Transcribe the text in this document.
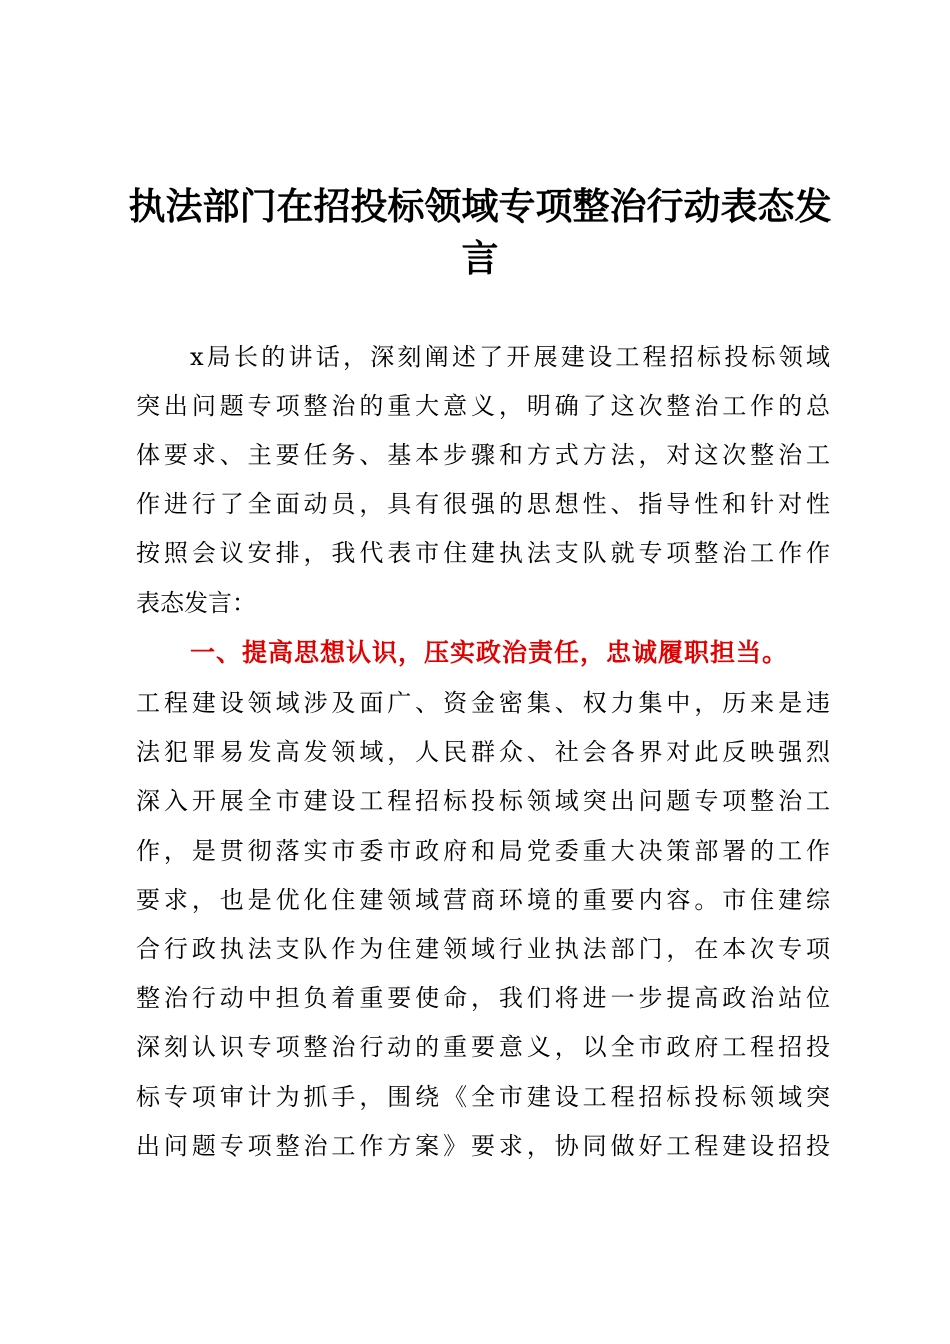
执法部门在招投标领域专项整治行动表态发
言
x局长的讲话，深刻阐述了开展建设工程招标投标领域
突出问题专项整治的重大意义，明确了这次整治工作的总
体要求、主要任务、基本步骤和方式方法，对这次整治工
作进行了全面动员，具有很强的思想性、指导性和针对性
按照会议安排，我代表市住建执法支队就专项整治工作作
表态发言：
一、提高思想认识，压实政治责任，忠诚履职担当。
工程建设领域涉及面广、资金密集、权力集中，历来是违
法犯罪易发高发领域，人民群众、社会各界对此反映强烈
深入开展全市建设工程招标投标领域突出问题专项整治工
作，是贯彻落实市委市政府和局党委重大决策部署的工作
要求，也是优化住建领域营商环境的重要内容。市住建综
合行政执法支队作为住建领域行业执法部门，在本次专项
整治行动中担负着重要使命，我们将进一步提高政治站位
深刻认识专项整治行动的重要意义，以全市政府工程招投
标专项审计为抓手，围绕《全市建设工程招标投标领域突
出问题专项整治工作方案》要求，协同做好工程建设招投
